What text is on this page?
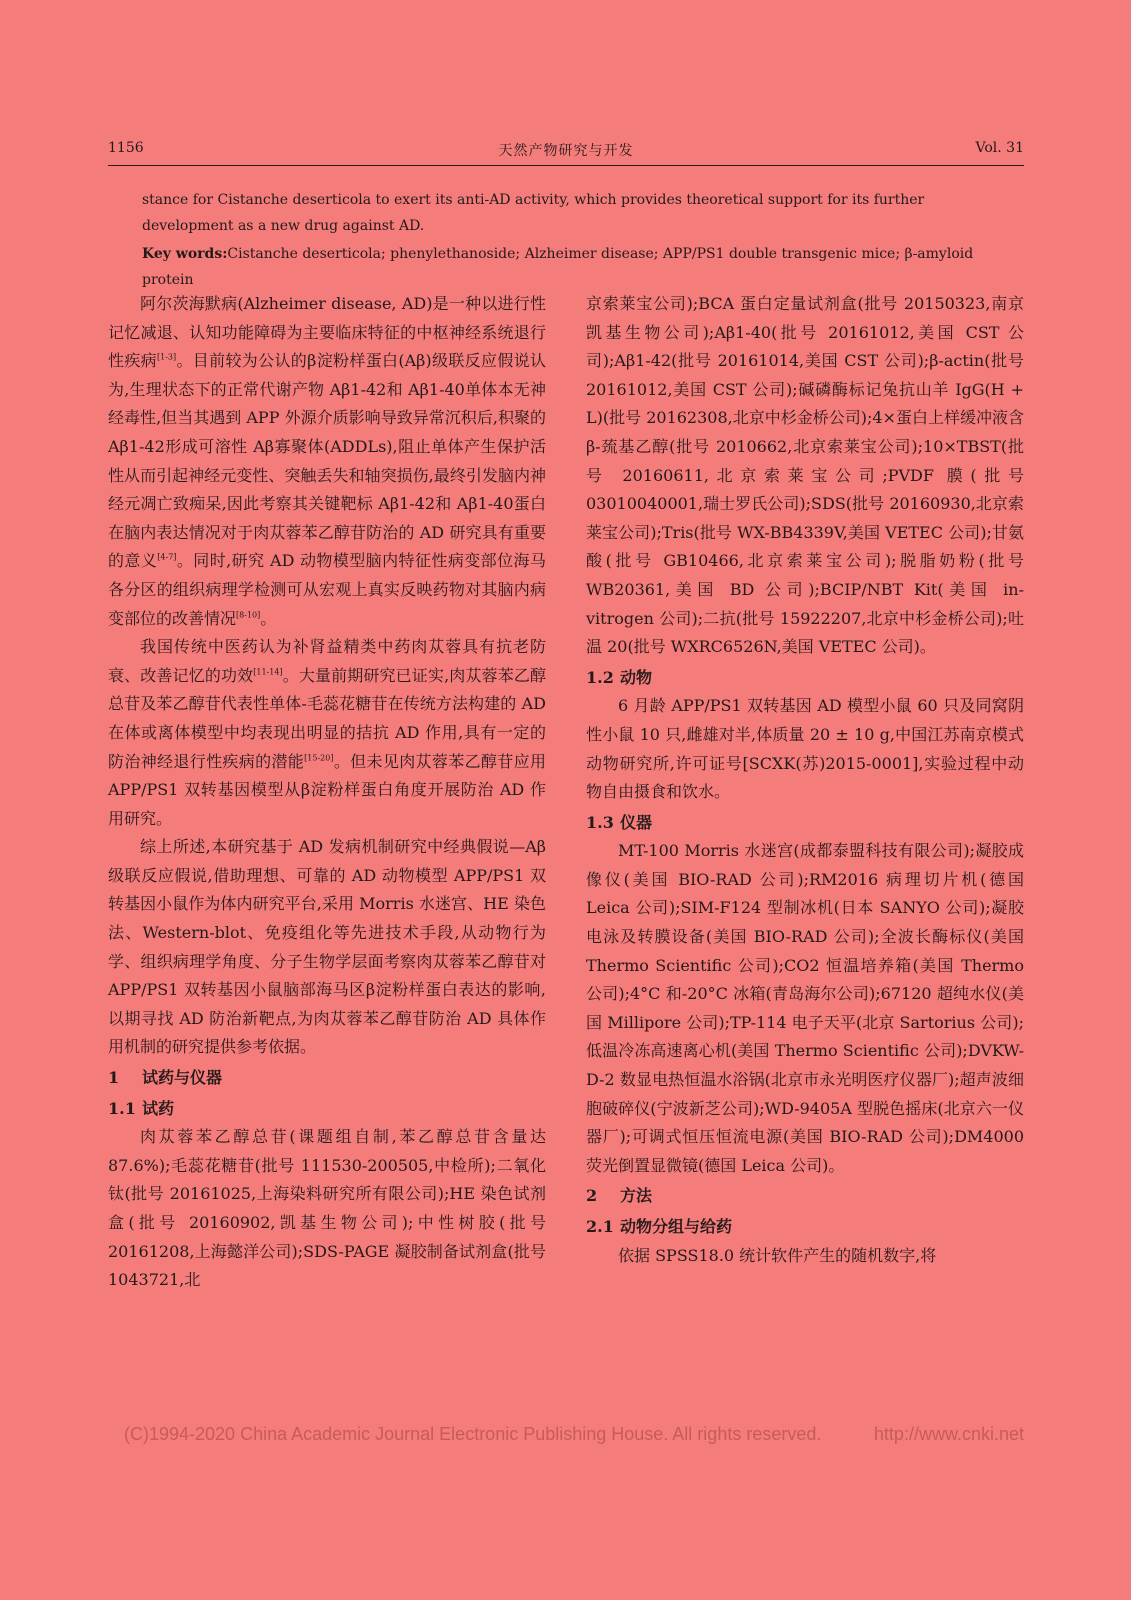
1156	天然产物研究与开发	Vol. 31

stance for Cistanche deserticola to exert its anti-AD activity, which provides theoretical support for its further development as a new drug against AD.

Key words:Cistanche deserticola; phenylethanoside; Alzheimer disease; APP/PS1 double transgenic mice; β-amyloid protein

阿尔茨海默病(Alzheimer disease, AD)是一种以进行性记忆减退、认知功能障碍为主要临床特征的中枢神经系统退行性疾病[1-3]。目前较为公认的β淀粉样蛋白(Aβ)级联反应假说认为,生理状态下的正常代谢产物 Aβ1-42和 Aβ1-40单体本无神经毒性,但当其遇到 APP 外源介质影响导致异常沉积后,积聚的 Aβ1-42形成可溶性 Aβ寡聚体(ADDLs),阻止单体产生保护活性从而引起神经元变性、突触丢失和轴突损伤,最终引发脑内神经元凋亡致痴呆,因此考察其关键靶标 Aβ1-42和 Aβ1-40蛋白在脑内表达情况对于肉苁蓉苯乙醇苷防治的 AD 研究具有重要的意义[4-7]。同时,研究 AD 动物模型脑内特征性病变部位海马各分区的组织病理学检测可从宏观上真实反映药物对其脑内病变部位的改善情况[8-10]。

我国传统中医药认为补肾益精类中药肉苁蓉具有抗老防衰、改善记忆的功效[11-14]。大量前期研究已证实,肉苁蓉苯乙醇总苷及苯乙醇苷代表性单体-毛蕊花糖苷在传统方法构建的 AD 在体或离体模型中均表现出明显的拮抗 AD 作用,具有一定的防治神经退行性疾病的潜能[15-20]。但未见肉苁蓉苯乙醇苷应用 APP/PS1 双转基因模型从β淀粉样蛋白角度开展防治 AD 作用研究。

综上所述,本研究基于 AD 发病机制研究中经典假说—Aβ级联反应假说,借助理想、可靠的 AD 动物模型 APP/PS1 双转基因小鼠作为体内研究平台,采用 Morris 水迷宫、HE 染色法、Western-blot、免疫组化等先进技术手段,从动物行为学、组织病理学角度、分子生物学层面考察肉苁蓉苯乙醇苷对 APP/PS1 双转基因小鼠脑部海马区β淀粉样蛋白表达的影响,以期寻找 AD 防治新靶点,为肉苁蓉苯乙醇苷防治 AD 具体作用机制的研究提供参考依据。

1 试药与仪器
1.1 试药

肉苁蓉苯乙醇总苷(课题组自制,苯乙醇总苷含量达 87.6%);毛蕊花糖苷(批号 111530-200505,中检所);二氧化钛(批号 20161025,上海染料研究所有限公司);HE 染色试剂盒(批号 20160902,凯基生物公司);中性树胶(批号 20161208,上海懿洋公司);SDS-PAGE 凝胶制备试剂盒(批号 1043721,北

京索莱宝公司);BCA 蛋白定量试剂盒(批号 20150323,南京凯基生物公司);Aβ1-40(批号 20161012,美国 CST 公司);Aβ1-42(批号 20161014,美国 CST 公司);β-actin(批号 20161012,美国 CST 公司);碱磷酶标记兔抗山羊 IgG(H + L)(批号 20162308,北京中杉金桥公司);4×蛋白上样缓冲液含β-巯基乙醇(批号 2010662,北京索莱宝公司);10×TBST(批号 20160611,北京索莱宝公司;PVDF 膜(批号 03010040001,瑞士罗氏公司);SDS(批号 20160930,北京索莱宝公司);Tris(批号 WX-BB4339V,美国 VETEC 公司);甘氨酸(批号 GB10466,北京索莱宝公司);脱脂奶粉(批号 WB20361,美国 BD 公司);BCIP/NBT Kit(美国 in-vitrogen 公司);二抗(批号 15922207,北京中杉金桥公司);吐温 20(批号 WXRC6526N,美国 VETEC 公司)。

1.2 动物

6 月龄 APP/PS1 双转基因 AD 模型小鼠 60 只及同窝阴性小鼠 10 只,雌雄对半,体质量 20 ± 10 g,中国江苏南京模式动物研究所,许可证号[SCXK(苏)2015-0001],实验过程中动物自由摄食和饮水。

1.3 仪器

MT-100 Morris 水迷宫(成都泰盟科技有限公司);凝胶成像仪(美国 BIO-RAD 公司);RM2016 病理切片机(德国 Leica 公司);SIM-F124 型制冰机(日本 SANYO 公司);凝胶电泳及转膜设备(美国 BIO-RAD 公司);全波长酶标仪(美国 Thermo Scientific 公司);CO2 恒温培养箱(美国 Thermo 公司);4°C 和-20°C 冰箱(青岛海尔公司);67120 超纯水仪(美国 Millipore 公司);TP-114 电子天平(北京 Sartorius 公司);低温冷冻高速离心机(美国 Thermo Scientific 公司);DVKW-D-2 数显电热恒温水浴锅(北京市永光明医疗仪器厂);超声波细胞破碎仪(宁波新芝公司);WD-9405A 型脱色摇床(北京六一仪器厂);可调式恒压恒流电源(美国 BIO-RAD 公司);DM4000 荧光倒置显微镜(德国 Leica 公司)。

2 方法
2.1 动物分组与给药

依据 SPSS18.0 统计软件产生的随机数字,将

(C)1994-2020 China Academic Journal Electronic Publishing House. All rights reserved.	http://www.cnki.net
